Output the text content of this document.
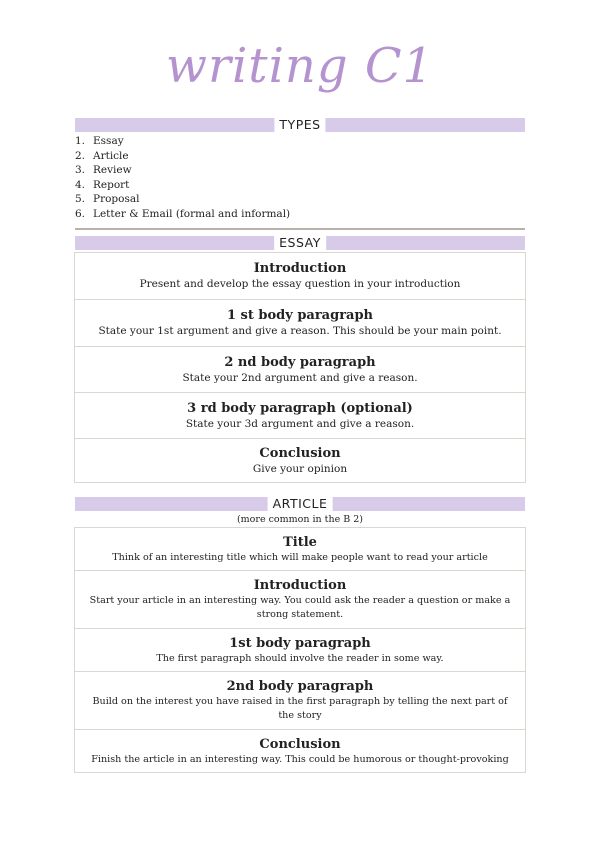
writing C1
TYPES
1. Essay
2. Article
3. Review
4. Report
5. Proposal
6. Letter & Email (formal and informal)
ESSAY
Introduction
Present and develop the essay question in your introduction
1 st body paragraph
State your 1st argument and give a reason. This should be your main point.
2 nd body paragraph
State your 2nd argument and give a reason.
3 rd body paragraph (optional)
State your 3d argument and give a reason.
Conclusion
Give your opinion
ARTICLE
(more common in the B 2)
Title
Think of an interesting title which will make people want to read your article
Introduction
Start your article in an interesting way. You could ask the reader a question or make a strong statement.
1st body paragraph
The first paragraph should involve the reader in some way.
2nd body paragraph
Build on the interest you have raised in the first paragraph by telling the next part of the story
Conclusion
Finish the article in an interesting way. This could be humorous or thought-provoking
